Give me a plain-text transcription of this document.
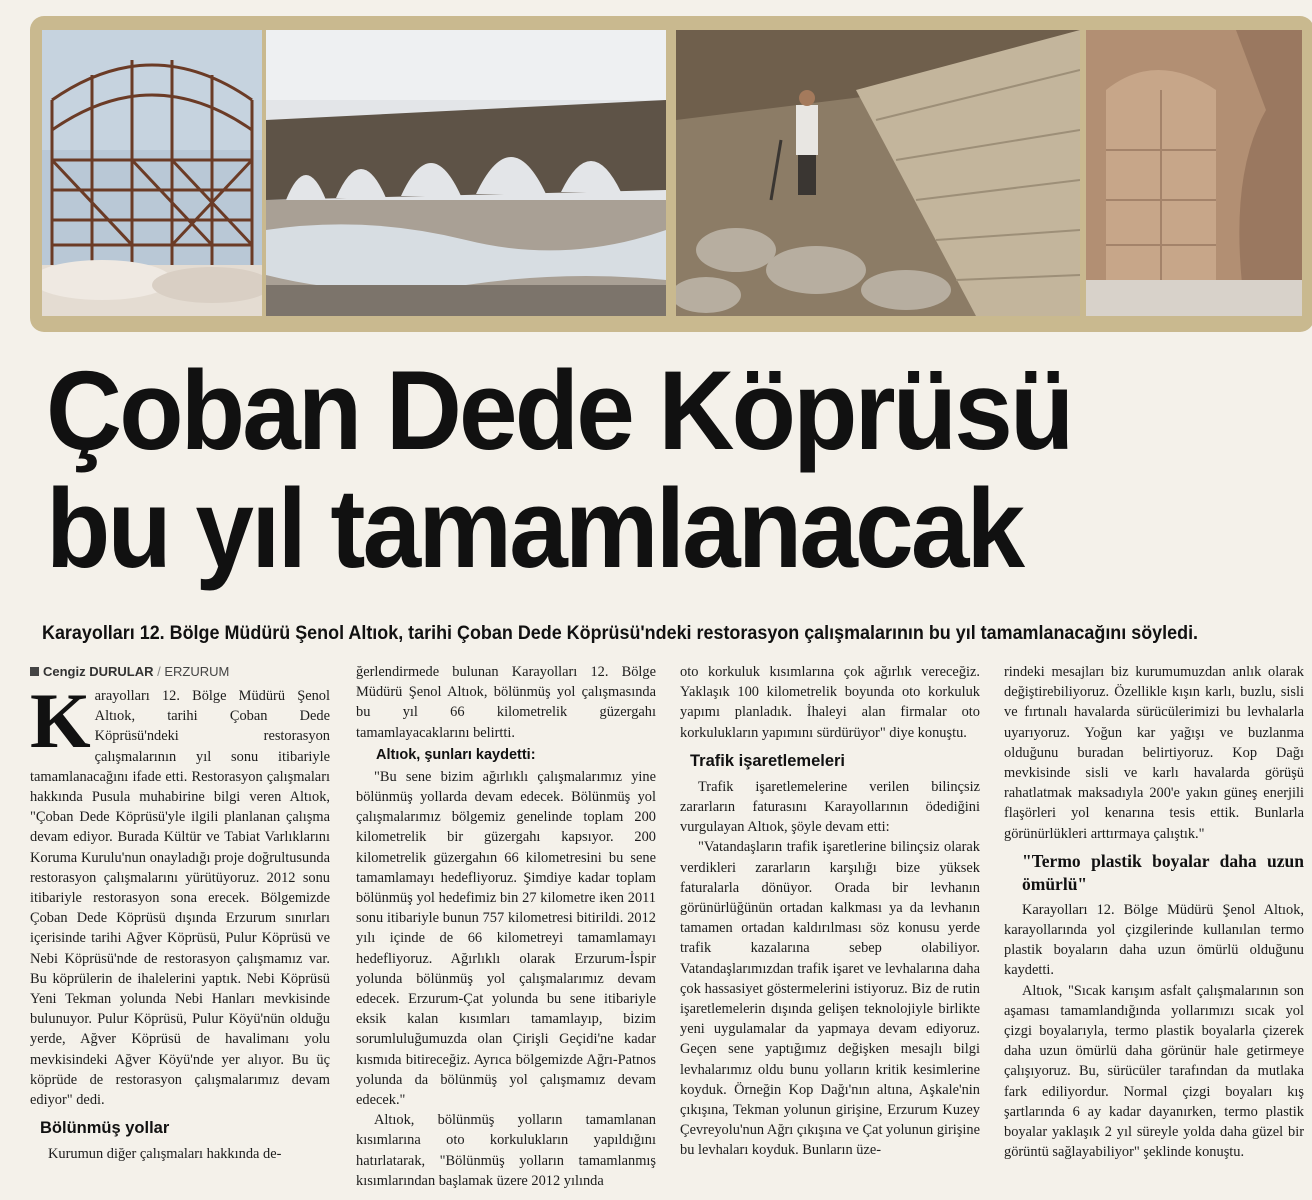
Çoban Dede Köprüsü
bu yıl tamamlanacak

Karayolları 12. Bölge Müdürü Şenol Altıok, tarihi Çoban Dede Köprüsü'ndeki restorasyon çalışmalarının bu yıl tamamlanacağını söyledi.

Cengiz DURULAR / ERZURUM
K arayolları 12. Bölge Müdürü Şenol Altıok, tarihi Çoban Dede Köprüsü'ndeki restorasyon çalışmalarının yıl sonu itibariyle tamamlanacağını ifade etti. Restorasyon çalışmaları hakkında Pusula muhabirine bilgi veren Altıok, "Çoban Dede Köprüsü'yle ilgili planlanan çalışma devam ediyor. Burada Kültür ve Tabiat Varlıklarını Koruma Kurulu'nun onayladığı proje doğrultusunda restorasyon çalışmalarını yürütüyoruz. 2012 sonu itibariyle restorasyon sona erecek. Bölgemizde Çoban Dede Köprüsü dışında Erzurum sınırları içerisinde tarihi Ağver Köprüsü, Pulur Köprüsü ve Nebi Köprüsü'nde de restorasyon çalışmamız var. Bu köprülerin de ihalelerini yaptık. Nebi Köprüsü Yeni Tekman yolunda Nebi Hanları mevkisinde bulunuyor. Pulur Köprüsü, Pulur Köyü'nün olduğu yerde, Ağver Köprüsü de havalimanı yolu mevkisindeki Ağver Köyü'nde yer alıyor. Bu üç köprüde de restorasyon çalışmalarımız devam ediyor" dedi.

Bölünmüş yollar

Kurumun diğer çalışmaları hakkında de-

ğerlendirmede bulunan Karayolları 12. Bölge Müdürü Şenol Altıok, bölünmüş yol çalışmasında bu yıl 66 kilometrelik güzergahı tamamlayacaklarını belirtti.

Altıok, şunları kaydetti:

"Bu sene bizim ağırlıklı çalışmalarımız yine bölünmüş yollarda devam edecek. Bölünmüş yol çalışmalarımız bölgemiz genelinde toplam 200 kilometrelik bir güzergahı kapsıyor. 200 kilometrelik güzergahın 66 kilometresini bu sene tamamlamayı hedefliyoruz. Şimdiye kadar toplam bölünmüş yol hedefimiz bin 27 kilometre iken 2011 sonu itibariyle bunun 757 kilometresi bitirildi. 2012 yılı içinde de 66 kilometreyi tamamlamayı hedefliyoruz. Ağırlıklı olarak Erzurum-İspir yolunda bölünmüş yol çalışmalarımız devam edecek. Erzurum-Çat yolunda bu sene itibariyle eksik kalan kısımları tamamlayıp, bizim sorumluluğumuzda olan Çirişli Geçidi'ne kadar kısmıda bitireceğiz. Ayrıca bölgemizde Ağrı-Patnos yolunda da bölünmüş yol çalışmamız devam edecek."

Altıok, bölünmüş yolların tamamlanan kısımlarına oto korkulukların yapıldığını hatırlatarak, "Bölünmüş yolların tamamlanmış kısımlarından başlamak üzere 2012 yılında

oto korkuluk kısımlarına çok ağırlık vereceğiz. Yaklaşık 100 kilometrelik boyunda oto korkuluk yapımı planladık. İhaleyi alan firmalar oto korkulukların yapımını sürdürüyor" diye konuştu.

Trafik işaretlemeleri

Trafik işaretlemelerine verilen bilinçsiz zararların faturasını Karayollarının ödediğini vurgulayan Altıok, şöyle devam etti:

"Vatandaşların trafik işaretlerine bilinçsiz olarak verdikleri zararların karşılığı bize yüksek faturalarla dönüyor. Orada bir levhanın görünürlüğünün ortadan kalkması ya da levhanın tamamen ortadan kaldırılması söz konusu yerde trafik kazalarına sebep olabiliyor. Vatandaşlarımızdan trafik işaret ve levhalarına daha çok hassasiyet göstermelerini istiyoruz. Biz de rutin işaretlemelerin dışında gelişen teknolojiyle birlikte yeni uygulamalar da yapmaya devam ediyoruz. Geçen sene yaptığımız değişken mesajlı bilgi levhalarımız oldu bunu yolların kritik kesimlerine koyduk. Örneğin Kop Dağı'nın altına, Aşkale'nin çıkışına, Tekman yolunun girişine, Erzurum Kuzey Çevreyolu'nun Ağrı çıkışına ve Çat yolunun girişine bu levhaları koyduk. Bunların üze-

rindeki mesajları biz kurumumuzdan anlık olarak değiştirebiliyoruz. Özellikle kışın karlı, buzlu, sisli ve fırtınalı havalarda sürücülerimizi bu levhalarla uyarıyoruz. Yoğun kar yağışı ve buzlanma olduğunu buradan belirtiyoruz. Kop Dağı mevkisinde sisli ve karlı havalarda görüşü rahatlatmak maksadıyla 200'e yakın güneş enerjili flaşörleri yol kenarına tesis ettik. Bunlarla görünürlükleri arttırmaya çalıştık."

"Termo plastik boyalar daha uzun ömürlü"

Karayolları 12. Bölge Müdürü Şenol Altıok, karayollarında yol çizgilerinde kullanılan termo plastik boyaların daha uzun ömürlü olduğunu kaydetti.

Altıok, "Sıcak karışım asfalt çalışmalarının son aşaması tamamlandığında yollarımızı sıcak yol çizgi boyalarıyla, termo plastik boyalarla çizerek daha uzun ömürlü daha görünür hale getirmeye çalışıyoruz. Bu, sürücüler tarafından da mutlaka fark ediliyordur. Normal çizgi boyaları kış şartlarında 6 ay kadar dayanırken, termo plastik boyalar yaklaşık 2 yıl süreyle yolda daha güzel bir görüntü sağlayabiliyor" şeklinde konuştu.
